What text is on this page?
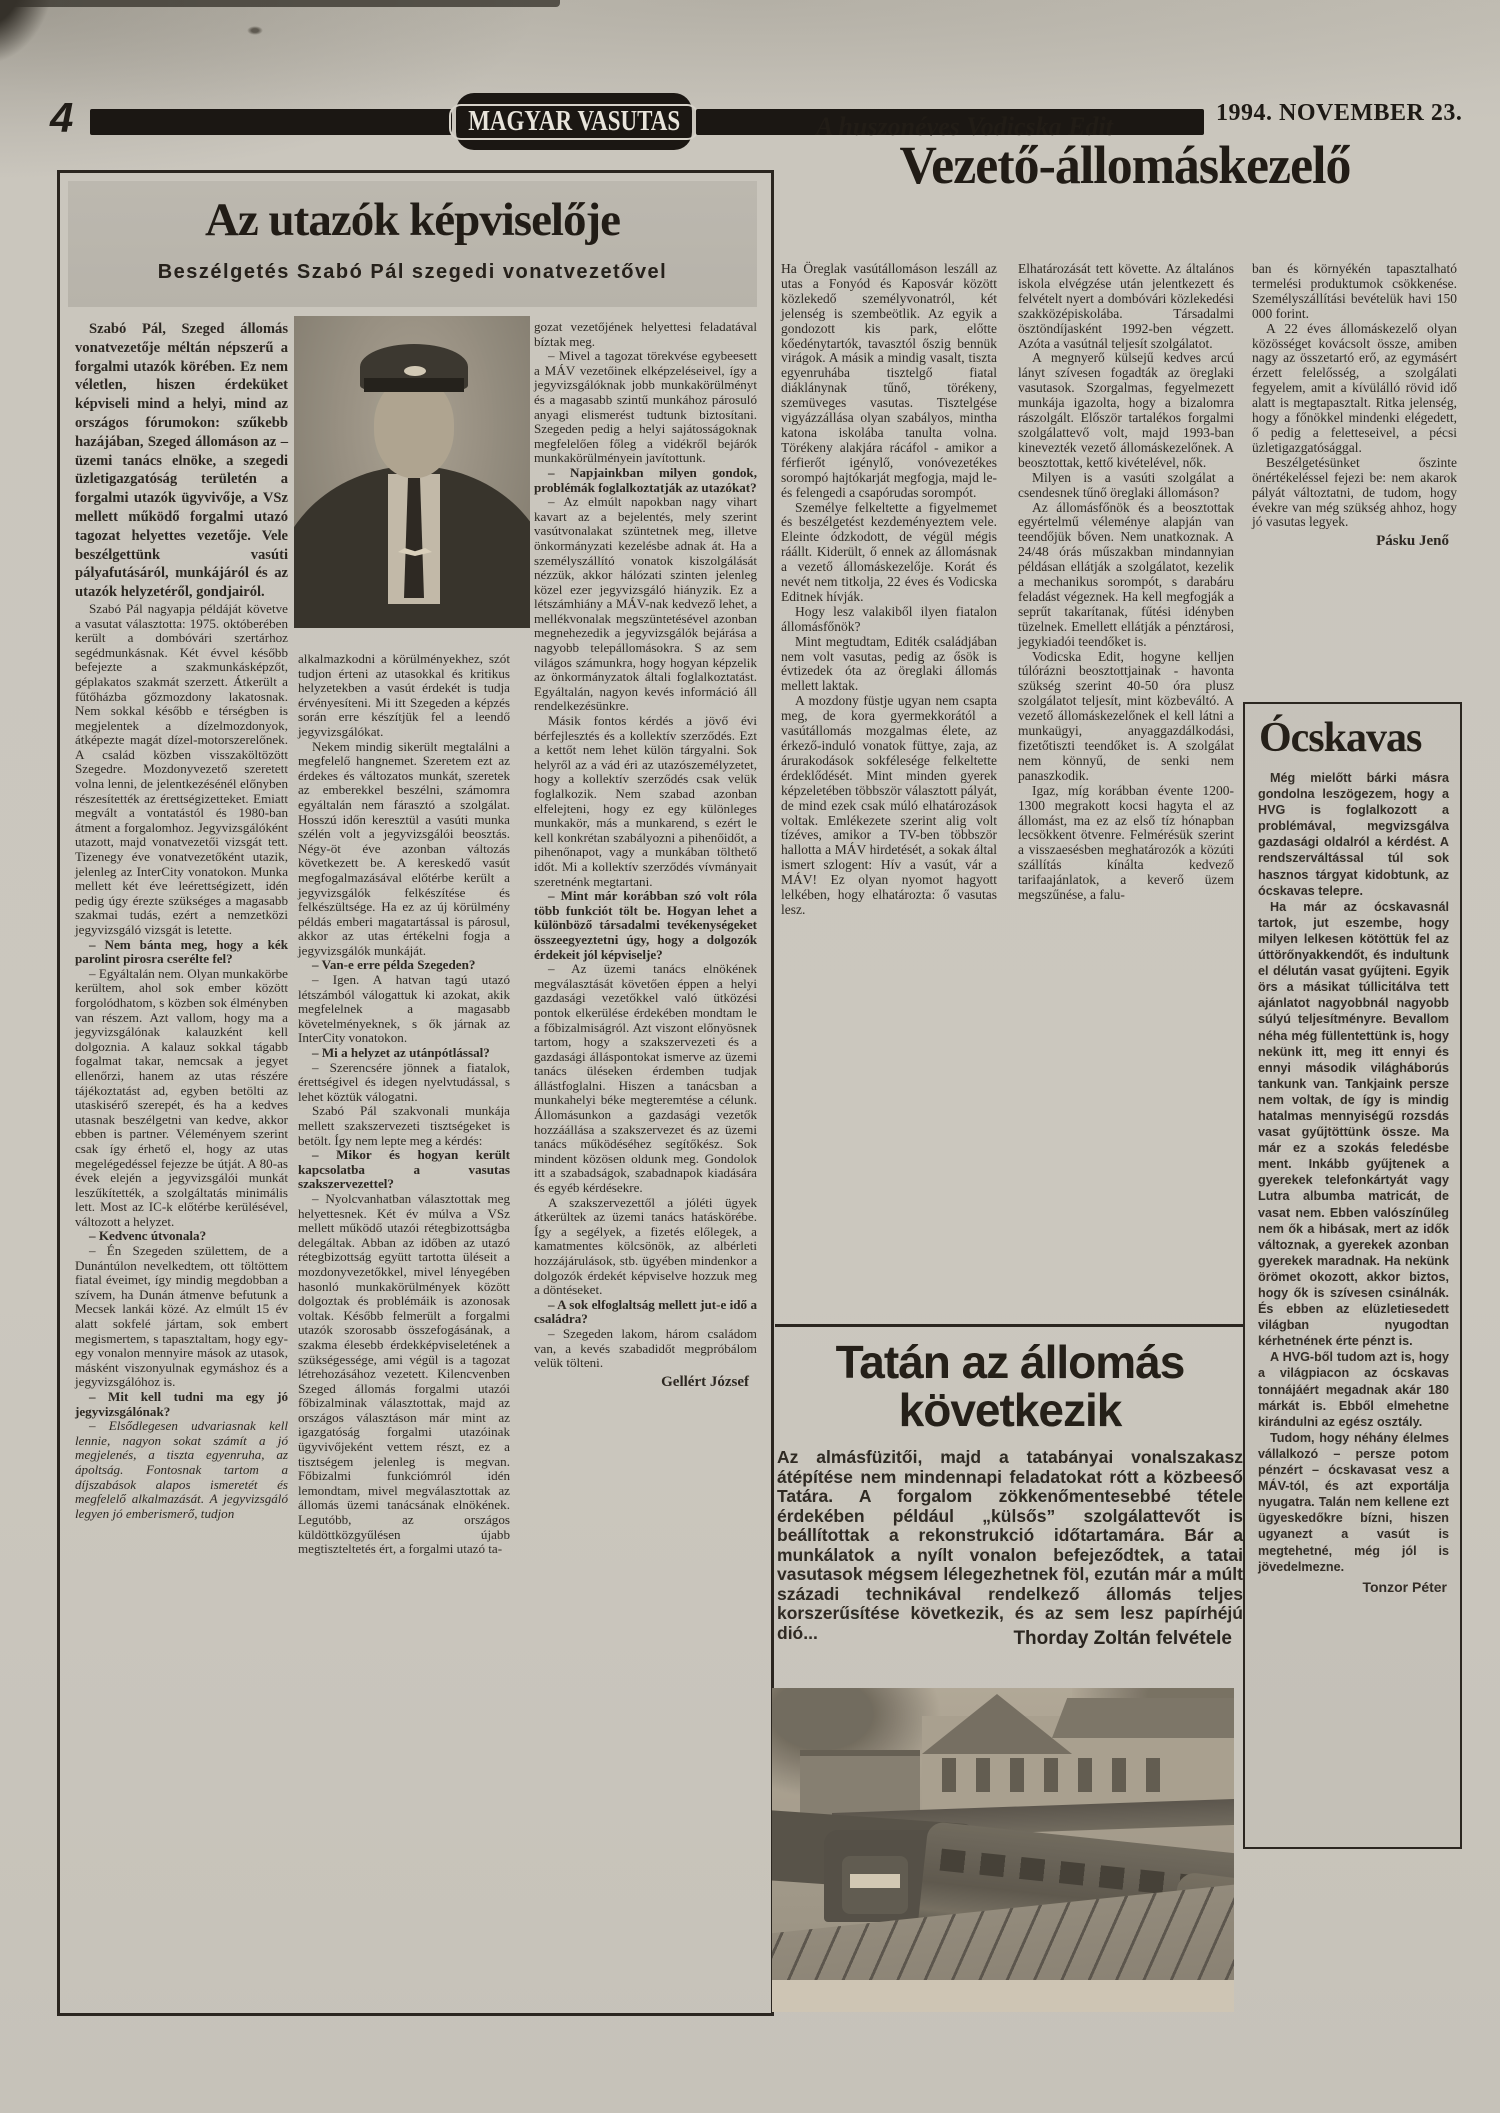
4	MAGYAR VASUTAS	1994. NOVEMBER 23.
Az utazók képviselője
Beszélgetés Szabó Pál szegedi vonatvezetővel

Szabó Pál, Szeged állomás vonatvezetője méltán népszerű a forgalmi utazók körében. Ez nem véletlen, hiszen érdeküket képviseli mind a helyi, mind az országos fórumokon: szűkebb hazájában, Szeged állomáson az – üzemi tanács elnöke, a szegedi üzletigazgatóság területén a forgalmi utazók ügyvivője, a VSz mellett működő forgalmi utazó tagozat helyettes vezetője. Vele beszélgettünk vasúti pályafutásáról, munkájáról és az utazók helyzetéről, gondjairól.

Szabó Pál nagyapja példáját követve a vasutat választotta: 1975. októberében került a dombóvári szertárhoz segédmunkásnak. Két évvel később befejezte a szakmunkásképzőt, géplakatos szakmát szerzett. Átkerült a fűtőházba gőzmozdony lakatosnak. Nem sokkal később e térségben is megjelentek a dízelmozdonyok, átképezte magát dízel-motorszerelőnek. A család közben visszaköltözött Szegedre. Mozdonyvezető szeretett volna lenni, de jelentkezésénél előnyben részesítették az érettségizetteket. Emiatt megvált a vontatástól és 1980-ban átment a forgalomhoz. Jegyvizsgálóként utazott, majd vonatvezetői vizsgát tett. Tizenegy éve vonatvezetőként utazik, jelenleg az InterCity vonatokon. Munka mellett két éve leérettségizett, idén pedig úgy érezte szükséges a magasabb szakmai tudás, ezért a nemzetközi jegyvizsgáló vizsgát is letette.

– Nem bánta meg, hogy a kék parolint pirosra cserélte fel?

– Egyáltalán nem. Olyan munkakörbe kerültem, ahol sok ember között forgolódhatom, s közben sok élményben van részem. Azt vallom, hogy ma a jegyvizsgálónak kalauzként kell dolgoznia. A kalauz sokkal tágabb fogalmat takar, nemcsak a jegyet ellenőrzi, hanem az utas részére tájékoztatást ad, egyben betölti az utaskisérő szerepét, és ha a kedves utasnak beszélgetni van kedve, akkor ebben is partner. Véleményem szerint csak így érhető el, hogy az utas megelégedéssel fejezze be útját. A 80-as évek elején a jegyvizsgálói munkát leszűkítették, a szolgáltatás minimális lett. Most az IC-k előtérbe kerülésével, változott a helyzet.

– Kedvenc útvonala?

– Én Szegeden születtem, de a Dunántúlon nevelkedtem, ott töltöttem fiatal éveimet, így mindig megdobban a szívem, ha Dunán átmenve befutunk a Mecsek lankái közé. Az elmúlt 15 év alatt sokfelé jártam, sok embert megismertem, s tapasztaltam, hogy egy-egy vonalon mennyire mások az utasok, másként viszonyulnak egymáshoz és a jegyvizsgálóhoz is.

– Mit kell tudni ma egy jó jegyvizsgálónak?

– Elsődlegesen udvariasnak kell lennie, nagyon sokat számít a jó megjelenés, a tiszta egyenruha, az ápoltság. Fontosnak tartom a díjszabások alapos ismeretét és megfelelő alkalmazását. A jegyvizsgáló legyen jó emberismerő, tudjon

alkalmazkodni a körülményekhez, szót tudjon érteni az utasokkal és kritikus helyzetekben a vasút érdekét is tudja érvényesíteni. Mi itt Szegeden a képzés során erre készítjük fel a leendő jegyvizsgálókat.

Nekem mindig sikerült megtalálni a megfelelő hangnemet. Szeretem ezt az érdekes és változatos munkát, szeretek az emberekkel beszélni, számomra egyáltalán nem fárasztó a szolgálat. Hosszú időn keresztül a vasúti munka szélén volt a jegyvizsgálói beosztás. Négy-öt éve azonban változás következett be. A kereskedő vasút megfogalmazásával előtérbe került a jegyvizsgálók felkészítése és felkészültsége. Ha ez az új körülmény példás emberi magatartással is párosul, akkor az utas értékelni fogja a jegyvizsgálók munkáját.

– Van-e erre példa Szegeden?

– Igen. A hatvan tagú utazó létszámból válogattuk ki azokat, akik megfelelnek a magasabb követelményeknek, s ők járnak az InterCity vonatokon.

– Mi a helyzet az utánpótlással?

– Szerencsére jönnek a fiatalok, érettségivel és idegen nyelvtudással, s lehet köztük válogatni.

Szabó Pál szakvonali munkája mellett szakszervezeti tisztségeket is betölt. Így nem lepte meg a kérdés:

– Mikor és hogyan került kapcsolatba a vasutas szakszervezettel?

– Nyolcvanhatban választottak meg helyettesnek. Két év múlva a VSz mellett működő utazói rétegbizottságba delegáltak. Abban az időben az utazó rétegbizottság együtt tartotta üléseit a mozdonyvezetőkkel, mivel lényegében hasonló munkakörülmények között dolgoztak és problémáik is azonosak voltak. Később felmerült a forgalmi utazók szorosabb összefogásának, a szakma élesebb érdekképviseletének a szükségessége, ami végül is a tagozat létrehozásához vezetett. Kilencvenben Szeged állomás forgalmi utazói főbizalminak választottak, majd az országos választáson már mint az igazgatóság forgalmi utazóinak ügyvivőjeként vettem részt, ez a tisztségem jelenleg is megvan. Főbizalmi funkciómról idén lemondtam, mivel megválasztottak az állomás üzemi tanácsának elnökének. Legutóbb, az országos küldöttközgyűlésen újabb megtiszteltetés ért, a forgalmi utazó ta-

gozat vezetőjének helyettesi feladatával bíztak meg.

– Mivel a tagozat törekvése egybeesett a MÁV vezetőinek elképzeléseivel, így a jegyvizsgálóknak jobb munkakörülményt és a magasabb szintű munkához párosuló anyagi elismerést tudtunk biztosítani. Szegeden pedig a helyi sajátosságoknak megfelelően főleg a vidékről bejárók munkakörülményein javítottunk.

– Napjainkban milyen gondok, problémák foglalkoztatják az utazókat?

– Az elmúlt napokban nagy vihart kavart az a bejelentés, mely szerint vasútvonalakat szüntetnek meg, illetve önkormányzati kezelésbe adnak át. Ha a személyszállító vonatok kiszolgálását nézzük, akkor hálózati szinten jelenleg közel ezer jegyvizsgáló hiányzik. Ez a létszámhiány a MÁV-nak kedvező lehet, a mellékvonalak megszüntetésével azonban megnehezedik a jegyvizsgálók bejárása a nagyobb telepállomásokra. S az sem világos számunkra, hogy hogyan képzelik az önkormányzatok általi foglalkoztatást. Egyáltalán, nagyon kevés információ áll rendelkezésünkre.

Másik fontos kérdés a jövő évi bérfejlesztés és a kollektív szerződés. Ezt a kettőt nem lehet külön tárgyalni. Sok helyről az a vád éri az utazószemélyzetet, hogy a kollektív szerződés csak velük foglalkozik. Nem szabad azonban elfelejteni, hogy ez egy különleges munkakör, más a munkarend, s ezért le kell konkrétan szabályozni a pihenőidőt, a pihenőnapot, vagy a munkában tölthető időt. Mi a kollektív szerződés vívmányait szeretnénk megtartani.

– Mint már korábban szó volt róla több funkciót tölt be. Hogyan lehet a különböző társadalmi tevékenységeket összeegyeztetni úgy, hogy a dolgozók érdekeit jól képviselje?

– Az üzemi tanács elnökének megválasztását követően éppen a helyi gazdasági vezetőkkel való ütközési pontok elkerülése érdekében mondtam le a főbizalmiságról. Azt viszont előnyösnek tartom, hogy a szakszervezeti és a gazdasági álláspontokat ismerve az üzemi tanács üléseken érdemben tudjak állástfoglalni. Hiszen a tanácsban a munkahelyi béke megteremtése a célunk. Állomásunkon a gazdasági vezetők hozzáállása a szakszervezet és az üzemi tanács működéséhez segítőkész. Sok mindent közösen oldunk meg. Gondolok itt a szabadságok, szabadnapok kiadására és egyéb kérdésekre.

A szakszervezettől a jóléti ügyek átkerültek az üzemi tanács hatáskörébe. Így a segélyek, a fizetés előlegek, a kamatmentes kölcsönök, az albérleti hozzájárulások, stb. ügyében mindenkor a dolgozók érdekét képviselve hozzuk meg a döntéseket.

– A sok elfoglaltság mellett jut-e idő a családra?

– Szegeden lakom, három családom van, a kevés szabadidőt megpróbálom velük tölteni.

Gellért József

A huszonéves Vodicska Edit
Vezető-állomáskezelő

Ha Öreglak vasútállomáson leszáll az utas a Fonyód és Kaposvár között közlekedő személyvonatról, két jelenség is szembeötlik. Az egyik a gondozott kis park, előtte kőedénytartók, tavasztól őszig bennük virágok. A másik a mindig vasalt, tiszta egyenruhába tisztelgő fiatal diáklánynak tűnő, törékeny, szemüveges vasutas. Tisztelgése vigyázzállása olyan szabályos, mintha katona iskolába tanulta volna. Törékeny alakjára rácáfol - amikor a férfierőt igénylő, vonóvezetékes sorompó hajtókarját megfogja, majd le- és felengedi a csapórudas sorompót.

Személye felkeltette a figyelmemet és beszélgetést kezdeményeztem vele. Eleinte ódzkodott, de végül mégis ráállt. Kiderült, ő ennek az állomásnak a vezető állomáskezelője. Korát és nevét nem titkolja, 22 éves és Vodicska Editnek hívják.

Hogy lesz valakiből ilyen fiatalon állomásfőnök?

Mint megtudtam, Editék családjában nem volt vasutas, pedig az ősök is évtizedek óta az öreglaki állomás mellett laktak.

A mozdony füstje ugyan nem csapta meg, de kora gyermekkorától a vasútállomás mozgalmas élete, az érkező-induló vonatok füttye, zaja, az árurakodások sokfélesége felkeltette érdeklődését. Mint minden gyerek képzeletében többször választott pályát, de mind ezek csak múló elhatározások voltak. Emlékezete szerint alig volt tízéves, amikor a TV-ben többször hallotta a MÁV hirdetését, a sokak által ismert szlogent: Hív a vasút, vár a MÁV! Ez olyan nyomot hagyott lelkében, hogy elhatározta: ő vasutas lesz.

Elhatározását tett követte. Az általános iskola elvégzése után jelentkezett és felvételt nyert a dombóvári közlekedési szakközépiskolába. Társadalmi ösztöndíjasként 1992-ben végzett. Azóta a vasútnál teljesít szolgálatot.

A megnyerő külsejű kedves arcú lányt szívesen fogadták az öreglaki vasutasok. Szorgalmas, fegyelmezett munkája igazolta, hogy a bizalomra rászolgált. Először tartalékos forgalmi szolgálattevő volt, majd 1993-ban kinevezték vezető állomáskezelőnek. A beosztottak, kettő kivételével, nők.

Milyen is a vasúti szolgálat a csendesnek tűnő öreglaki állomáson?

Az állomásfőnök és a beosztottak egyértelmű véleménye alapján van teendőjük bőven. Nem unatkoznak. A 24/48 órás műszakban mindannyian példásan ellátják a szolgálatot, kezelik a mechanikus sorompót, s darabáru feladást végeznek. Ha kell megfogják a seprűt takarítanak, fűtési idényben tüzelnek. Emellett ellátják a pénztárosi, jegykiadói teendőket is.

Vodicska Edit, hogyne kelljen túlórázni beosztottjainak - havonta szükség szerint 40-50 óra plusz szolgálatot teljesít, mint közbeváltó. A vezető állomáskezelőnek el kell látni a munkaügyi, anyaggazdálkodási, fizetőtiszti teendőket is. A szolgálat nem könnyű, de senki nem panaszkodik.

Igaz, míg korábban évente 1200-1300 megrakott kocsi hagyta el az állomást, ma ez az első tíz hónapban lecsökkent ötvenre. Felmérésük szerint a visszaesésben meghatározók a közúti szállítás kínálta kedvező tarifaajánlatok, a keverő üzem megszűnése, a falu-

ban és környékén tapasztalható termelési produktumok csökkenése. Személyszállítási bevételük havi 150 000 forint.

A 22 éves állomáskezelő olyan közösséget kovácsolt össze, amiben nagy az összetartó erő, az egymásért érzett felelősség, a szolgálati fegyelem, amit a kívülálló rövid idő alatt is megtapasztalt. Ritka jelenség, hogy a főnökkel mindenki elégedett, ő pedig a feletteseivel, a pécsi üzletigazgatósággal.

Beszélgetésünket őszinte önértékeléssel fejezi be: nem akarok pályát változtatni, de tudom, hogy évekre van még szükség ahhoz, hogy jó vasutas legyek.

Pásku Jenő

Ócskavas

Még mielőtt bárki másra gondolna leszögezem, hogy a HVG is foglalkozott a problémával, megvizsgálva gazdasági oldalról a kérdést. A rendszerváltással túl sok hasznos tárgyat kidobtunk, az ócskavas telepre.

Ha már az ócskavasnál tartok, jut eszembe, hogy milyen lelkesen kötöttük fel az úttörőnyakkendőt, és indultunk el délután vasat gyűjteni. Egyik örs a másikat túllicitálva tett ajánlatot nagyobbnál nagyobb súlyú teljesítményre. Bevallom néha még füllentettünk is, hogy nekünk itt, meg itt ennyi és ennyi második világháborús tankunk van. Tankjaink persze nem voltak, de így is mindig hatalmas mennyiségű rozsdás vasat gyűjtöttünk össze. Ma már ez a szokás feledésbe ment. Inkább gyűjtenek a gyerekek telefonkártyát vagy Lutra albumba matricát, de vasat nem. Ebben valószínűleg nem ők a hibásak, mert az idők változnak, a gyerekek azonban gyerekek maradnak. Ha nekünk örömet okozott, akkor biztos, hogy ők is szívesen csinálnák. És ebben az elüzletiesedett világban nyugodtan kérhetnének érte pénzt is.

A HVG-ből tudom azt is, hogy a világpiacon az ócskavas tonnájáért megadnak akár 180 márkát is. Ebből elmehetne kirándulni az egész osztály.

Tudom, hogy néhány élelmes vállalkozó – persze potom pénzért – ócskavasat vesz a MÁV-tól, és azt exportálja nyugatra. Talán nem kellene ezt ügyeskedőkre bízni, hiszen ugyanezt a vasút is megtehetné, még jól is jövedelmezne.

Tonzor Péter

Tatán az állomás
következik
Az almásfüzitői, majd a tatabányai vonalszakasz átépítése nem mindennapi feladatokat rótt a közbeeső Tatára. A forgalom zökkenőmentesebbé tétele érdekében például „külsős” szolgálattevőt is beállítottak a rekonstrukció időtartamára. Bár a munkálatok a nyílt vonalon befejeződtek, a tatai vasutasok mégsem lélegezhetnek föl, ezután már a múlt századi technikával rendelkező állomás teljes korszerűsítése következik, és az sem lesz papírhéjú dió...	Thorday Zoltán felvétele
